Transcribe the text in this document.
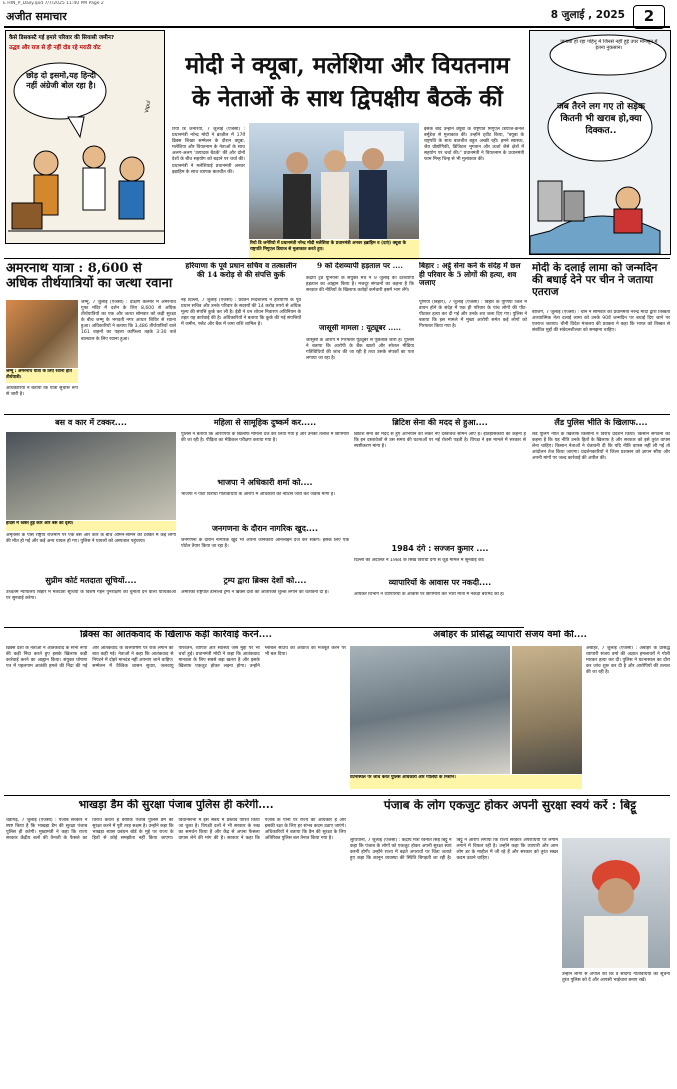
E HIN_P_Daily.qxd 7/7/2025 11:40 PM Page 2
अजीत समाचार	8 जुलाई , 2025	2
कैसे डिसकस्टै गई हमारे परिवार की सियासी जमीन?
उद्धव और राज से ही नहीं दोड रहे मराठी वोट
Vipul
छोड़ दो इसमो,यह हिन्दी नहीं अंग्रेजी बोल रहा है।
मोदी ने क्यूबा, मलेशिया और वियतनाम
के नेताओं के साथ द्विपक्षीय बैठकें कीं
रियो डि जनेरियो, 7 जुलाई (एजेंसी) : प्रधानमंत्री नरेन्द्र मोदी ने ब्राज़ील में 17वें ब्रिक्स शिखर सम्मेलन के दौरान क्यूबा, मलेशिया और वियतनाम के नेताओं के साथ अलग-अलग 'उत्पादक बैठकें' कीं और दोनों देशों के बीच सहयोग को बढ़ाने पर चर्चा की। प्रधानमंत्री ने मलेशियाई प्रधानमंत्री अनवर इब्राहिम के साथ व्यापक बातचीत की।
रियो डि जनेरियो में प्रधानमंत्री नरेन्द्र मोदी मलेशिया के प्रधानमंत्री अनवर इब्राहिम व (दाएं) क्यूबा के राष्ट्रपति मिगुएल डियाज से मुलाकात करते हुए।
इसके बाद उन्होंने क्यूबा के राष्ट्रपति मिगुएल डियाज-कैनेल बर्मूडेज़ से मुलाकात की। उन्होंने ट्वीट किया, "क्यूबा के राष्ट्रपति के साथ बातचीत बहुत अच्छी रही। हमने स्वास्थ्य, जैव प्रौद्योगिकी, डिजिटल भुगतान और ऊर्जा जैसे क्षेत्रों में सहयोग पर चर्चा की।" प्रधानमंत्री ने वियतनाम के प्रधानमंत्री फाम मिन्ह चिन्ह से भी मुलाकात की।
जनाबा हो रहा गहिनू में जिनसे नहीं हुई उपर मानसून में इतना नुकसान।
जब तैरने लग गए तो सड़क कितनी भी खराब हो,क्या दिक्कत..
अमरनाथ यात्रा : 8,600 से अधिक तीर्थयात्रियों का जत्था रवाना
जम्मू : अमरनाथ यात्रा के लिए रवाना होते तीर्थयात्री।
जम्मू, 7 जुलाई (एजेंसी) : दक्षिण कश्मीर में अमरनाथ गुफा मंदिर में दर्शन के लिए 8,600 से अधिक तीर्थयात्रियों का एक और जत्था सोमवार को कड़ी सुरक्षा के बीच जम्मू के भगवती नगर आधार शिविर से रवाना हुआ। अधिकारियों ने बताया कि 3,486 तीर्थयात्रियों वाले 161 वाहनों का पहला काफिला तड़के 3:30 बजे बालटाल के लिए रवाना हुआ।
अधिकारियों ने बताया कि यात्रा सुचारू रूप से जारी है।
हरियाणा के पूर्व प्रधान सचिव व तत्कालीन की 14 करोड़ से की संपत्ति कुर्क
नई दिल्ली, 7 जुलाई (एजेंसी) : प्रवर्तन निदेशालय ने हरियाणा के पूर्व प्रधान सचिव और उनके परिवार के सदस्यों की 14 करोड़ रुपये से अधिक मूल्य की संपत्ति कुर्क कर ली है। ईडी ने धन शोधन निवारण अधिनियम के तहत यह कार्रवाई की है। अधिकारियों ने बताया कि कुर्क की गई संपत्तियों में जमीन, फ्लैट और बैंक में जमा राशि शामिल है।
9 को देशव्यापी हड़ताल पर ....
केंद्रीय ट्रेड यूनियनों के संयुक्त मंच ने 9 जुलाई को देशव्यापी हड़ताल का आह्वान किया है। मजदूर संगठनों का कहना है कि सरकार की नीतियों के खिलाफ करोड़ों कर्मचारी इसमें भाग लेंगे।
जासूसी मामला : यूट्यूबर .....
जासूसी के आरोप में गिरफ्तार यूट्यूबर से पूछताछ जारी है। पुलिस ने बताया कि आरोपी के बैंक खातों और सोशल मीडिया गतिविधियों की जांच की जा रही है तथा उसके संपर्कों का पता लगाया जा रहा है।
बिहार : अट्ठे सेना कने के संदेह में छल ही परिवार के 5 लोगों की हत्या, शव जलाए
पूर्णिया (बिहार), 7 जुलाई (एजेंसी) : बिहार के पूर्णिया जिले में डायन होने के संदेह में एक ही परिवार के पांच लोगों की पीट-पीटकर हत्या कर दी गई और उनके शव जला दिए गए। पुलिस ने बताया कि इस मामले में मुख्य आरोपी समेत कई लोगों को गिरफ्तार किया गया है।
मोदी के दलाई लामा को जन्मदिन की बधाई देने पर चीन ने जताया एतराज
बीजिंग, 7 जुलाई (एजेंसी) : चीन ने सोमवार को प्रधानमंत्री नरेन्द्र मोदी द्वारा तिब्बती आध्यात्मिक नेता दलाई लामा को उनके 90वें जन्मदिन पर बधाई दिए जाने पर एतराज जताया। चीनी विदेश मंत्रालय की प्रवक्ता ने कहा कि भारत को तिब्बत से संबंधित मुद्दों की संवेदनशीलता को समझना चाहिए।
बस व कार में टक्कर....
हादसे में ध्वस्त हुई कार और बस का दृश्य।
अमृतसर के पास राष्ट्रीय राजमार्ग पर एक बस और कार के बीच आमने-सामने की टक्कर में कई लोगों की मौत हो गई और कई अन्य घायल हो गए। पुलिस ने घायलों को अस्पताल पहुंचाया।
सुप्रीम कोर्ट मतदाता सूचियों....
उच्चतम न्यायालय बिहार में मतदाता सूचियों के विशेष गहन पुनरीक्षण को चुनौती देने वाली याचिकाओं पर सुनवाई करेगा।
महिला से सामूहिक दुष्कर्म कर.....
पुलिस ने बताया कि आरोपियों के खिलाफ मामला दर्ज कर लिया गया है और उनकी तलाश में छापेमारी की जा रही है। पीड़िता का मेडिकल परीक्षण कराया गया है।
भाजपा ने अधिकारी शर्मा को....
भाजपा ने पार्टी विरोधी गतिविधियों के आरोप में अधिकारी को नोटिस जारी कर जवाब मांगा है।
जनगणना के दौरान नागरिक खुद....
जनगणना के दौरान नागरिक खुद भी अपनी जानकारी ऑनलाइन दर्ज कर सकेंगे। इसके लिए एक पोर्टल तैयार किया जा रहा है।
ट्रम्प द्वारा ब्रिक्स देशों को....
अमेरिकी राष्ट्रपति डोनाल्ड ट्रम्प ने ब्रिक्स देशों को अतिरिक्त शुल्क लगाने की चेतावनी दी है।
ब्रिटिश सेना की मदद से हुआ....
ब्रिटिश सेना की मदद से हुए अभियान को लेकर नए दस्तावेज सामने आए हैं। इतिहासकारों का कहना है कि इन दस्तावेजों से उस समय की घटनाओं पर नई रोशनी पड़ती है। विपक्ष ने इस मामले में सरकार से स्पष्टीकरण मांगा है।
1984 दंगे : सज्जन कुमार ....
दिल्ली की अदालत ने 1984 के सिख विरोधी दंगों से जुड़े मामले में सुनवाई की।
व्यापारियों के आवास पर नकदी....
आयकर विभाग ने व्यापारियों के आवास पर छापेमारी कर भारी मात्रा में नकदी बरामद की है।
लैंड पुलिस भीति के खिलाफ....
लैंड पूलिंग नीति के खिलाफ किसानों ने विरोध प्रदर्शन किया। किसान संगठनों का कहना है कि यह नीति उनके हितों के खिलाफ है और सरकार को इसे तुरंत वापस लेना चाहिए। किसान नेताओं ने चेतावनी दी कि यदि नीति वापस नहीं ली गई तो आंदोलन तेज किया जाएगा। प्रदर्शनकारियों ने जिला प्रशासन को ज्ञापन सौंपा और अपनी मांगों पर जल्द कार्रवाई की अपील की।
ब्रिक्स का आतंकवाद के खिलाफ कड़ी कार्रवाई करने....
ब्रिक्स देशों के नेताओं ने आतंकवाद के सभी रूपों की कड़ी निंदा करते हुए इसके खिलाफ कड़ी कार्रवाई करने का आह्वान किया। संयुक्त घोषणा पत्र में पहलगाम आतंकी हमले की निंदा की गई और आतंकवाद के वित्तपोषण पर रोक लगाने की बात कही गई। नेताओं ने कहा कि आतंकवाद से निपटने में दोहरे मानदंड नहीं अपनाए जाने चाहिए। सम्मेलन में वैश्विक शासन सुधार, जलवायु परिवर्तन, व्यापार और स्वास्थ्य जैसे मुद्दों पर भी चर्चा हुई। प्रधानमंत्री मोदी ने कहा कि आतंकवाद मानवता के लिए सबसे बड़ा खतरा है और इसके खिलाफ एकजुट होकर लड़ना होगा। उन्होंने ग्लोबल साउथ की आवाज को मजबूत करने पर भी बल दिया।
अबोहर के प्रसिद्ध व्यापारी संजय वर्मा की....
घटनास्थल पर जांच करते पुलिस अधिकारी और गोलियों के निशान।
अबोहर, 7 जुलाई (एजेंसी) : अबोहर के प्रसिद्ध व्यापारी संजय वर्मा की अज्ञात हमलावरों ने गोली मारकर हत्या कर दी। पुलिस ने घटनास्थल का दौरा कर जांच शुरू कर दी है और आरोपियों की तलाश की जा रही है।
भाखड़ा डैम की सुरक्षा पंजाब पुलिस ही करेगी....
चंडीगढ़, 7 जुलाई (एजेंसी) : पंजाब सरकार ने स्पष्ट किया है कि भाखड़ा डैम की सुरक्षा पंजाब पुलिस ही करेगी। मुख्यमंत्री ने कहा कि राज्य सरकार केंद्रीय बलों की तैनाती के फैसले का विरोध करती है क्योंकि पंजाब पुलिस डैम की सुरक्षा करने में पूरी तरह सक्षम है। उन्होंने कहा कि भाखड़ा ब्यास प्रबंधन बोर्ड के मुद्दे पर राज्य के हितों से कोई समझौता नहीं किया जाएगा। विधानसभा में इस संबंध में प्रस्ताव पारित किया जा चुका है। विपक्षी दलों ने भी सरकार के रुख का समर्थन किया है और केंद्र से अपना फैसला वापस लेने की मांग की है। सरकार ने कहा कि पंजाब के पानी पर राज्य का अधिकार है और इसकी रक्षा के लिए हर संभव कदम उठाए जाएंगे। अधिकारियों ने बताया कि डैम की सुरक्षा के लिए अतिरिक्त पुलिस बल तैनात किया गया है।
पंजाब के लोग एकजुट होकर अपनी सुरक्षा स्वयं करें : बिट्टू
लुधियाना, 7 जुलाई (एजेंसी) : केंद्रीय मंत्री रवनीत सिंह बिट्टू ने कहा कि पंजाब के लोगों को एकजुट होकर अपनी सुरक्षा स्वयं करनी होगी। उन्होंने राज्य में बढ़ते अपराधों पर चिंता जताते हुए कहा कि कानून व्यवस्था की स्थिति बिगड़ती जा रही है। बिट्टू ने आरोप लगाया कि राज्य सरकार अपराधियों पर लगाम लगाने में विफल रही है। उन्होंने कहा कि व्यापारी और आम लोग डर के माहौल में जी रहे हैं और सरकार को तुरंत सख्त कदम उठाने चाहिए।
उन्होंने लोगों से अपील की कि वे संदिग्ध गतिविधियों की सूचना तुरंत पुलिस को दें और आपसी भाईचारा बनाए रखें।
